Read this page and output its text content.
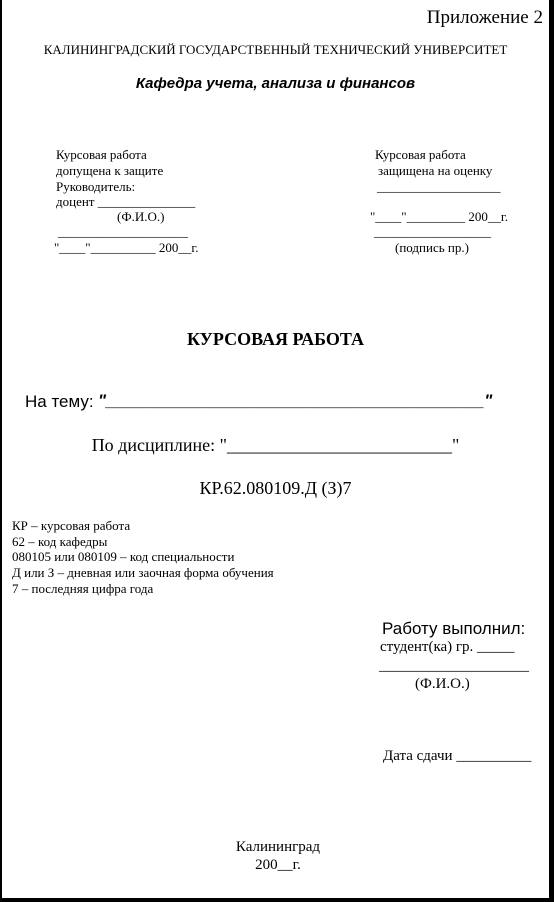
Приложение 2
КАЛИНИНГРАДСКИЙ ГОСУДАРСТВЕННЫЙ ТЕХНИЧЕСКИЙ УНИВЕРСИТЕТ
Кафедра учета, анализа и финансов
Курсовая работа
допущена к защите
Руководитель:
доцент _______________
(Ф.И.О.)
____________________
"____"__________ 200__г.
Курсовая работа
защищена на оценку
___________________
"____"_________ 200__г.
__________________
(подпись пр.)
КУРСОВАЯ РАБОТА
На тему: "________________________________________"
По дисциплине: "_________________________"
КР.62.080109.Д (З)7
КР – курсовая работа
62 – код кафедры
080105 или 080109 – код специальности
Д или З – дневная или заочная форма обучения
7 – последняя цифра года
Работу выполнил:
студент(ка) гр. _____
____________________
(Ф.И.О.)
Дата сдачи __________
Калининград
200__г.
